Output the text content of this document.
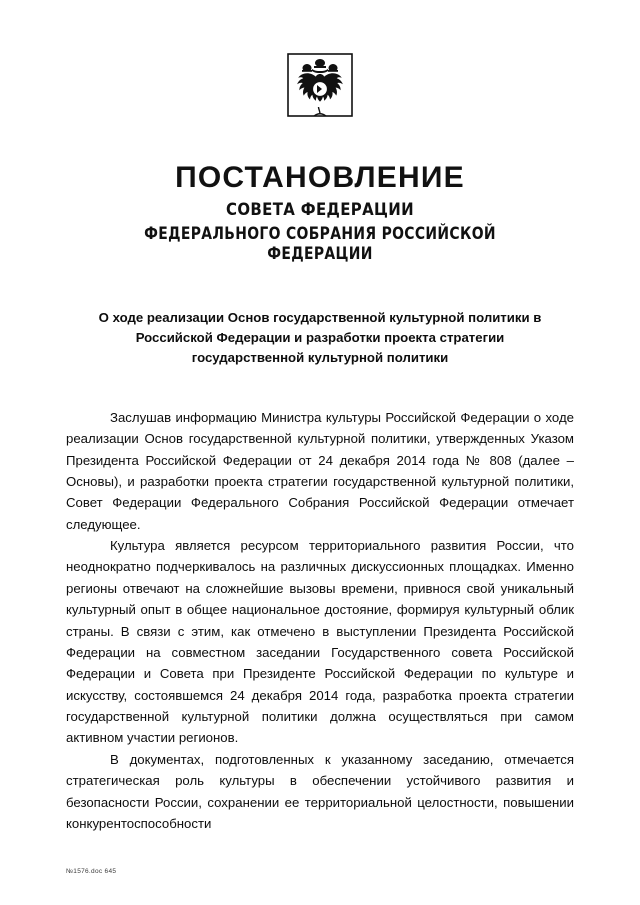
ПОСТАНОВЛЕНИЕ
СОВЕТА ФЕДЕРАЦИИ
ФЕДЕРАЛЬНОГО СОБРАНИЯ РОССИЙСКОЙ ФЕДЕРАЦИИ
О ходе реализации Основ государственной культурной политики в Российской Федерации и разработки проекта стратегии государственной культурной политики

Заслушав информацию Министра культуры Российской Федерации о ходе реализации Основ государственной культурной политики, утвержденных Указом Президента Российской Федерации от 24 декабря 2014 года № 808 (далее – Основы), и разработки проекта стратегии государственной культурной политики, Совет Федерации Федерального Собрания Российской Федерации отмечает следующее.

Культура является ресурсом территориального развития России, что неоднократно подчеркивалось на различных дискуссионных площадках. Именно регионы отвечают на сложнейшие вызовы времени, привнося свой уникальный культурный опыт в общее национальное достояние, формируя культурный облик страны. В связи с этим, как отмечено в выступлении Президента Российской Федерации на совместном заседании Государственного совета Российской Федерации и Совета при Президенте Российской Федерации по культуре и искусству, состоявшемся 24 декабря 2014 года, разработка проекта стратегии государственной культурной политики должна осуществляться при самом активном участии регионов.

В документах, подготовленных к указанному заседанию, отмечается стратегическая роль культуры в обеспечении устойчивого развития и безопасности России, сохранении ее территориальной целостности, повышении конкурентоспособности

№1576.doc 645
